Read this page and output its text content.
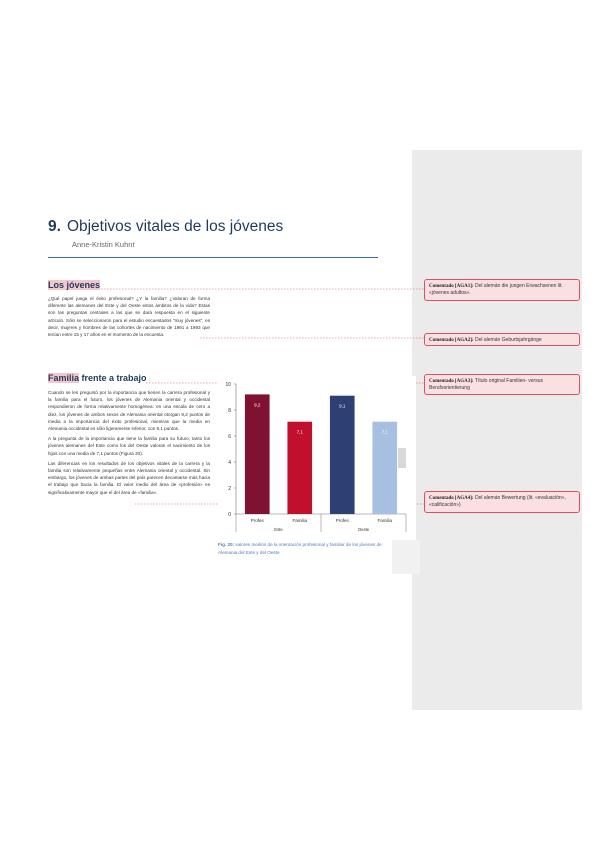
9. Objetivos vitales de los jóvenes
Anne-Kristin Kuhnt
Los jóvenes
¿Qué papel juega el éxito profesional? ¿Y la familia? ¿Valoran de forma diferente las alemanes del Este y del Oeste estos ámbitos de la vida? Estas son las preguntas centrales a las que se dará respuesta en el siguiente artículo. Sólo se seleccionaron para el estudio encuestados "muy jóvenes", es decir, mujeres y hombres de las cohortes de nacimiento de 1991 a 1993 que tenían entre 15 y 17 años en el momento de la encuesta.
Familia frente a trabajo

Cuando se les preguntó por la importancia que tienen la carrera profesional y la familia para el futuro, los jóvenes de Alemania oriental y occidental respondieron de forma relativamente homogénea: en una escala de cero a diez, los jóvenes de ambos sexos de Alemania oriental otorgan 9,2 puntos de media a la importancia del éxito profesional, mientras que la media en Alemania occidental es sólo ligeramente inferior, con 9,1 puntos.

A la pregunta de la importancia que tiene la familia para su futuro, tanto los jóvenes alemanes del Este como los del Oeste valoran el nacimiento de los hijos con una media de 7,1 puntos (Figura 20).

Las diferencias en los resultados de los objetivos vitales de la carrera y la familia son relativamente pequeñas entre Alemania oriental y occidental. Sin embargo, los jóvenes de ambas partes del país parecen decantarse más hacia el trabajo que hacia la familia. El valor medio del área de «profesión» es significativamente mayor que el del área de «familia».

0
2
4
6
8
10
9,2
Profes
7,1
Familia
9,1
Profes
7,1
Familia
Este	Oeste
Fig. 20: valores medios de la orientación profesional y familiar de los jóvenes de Alemania del Este y del Oeste
Comentado [AGA1]: Del alemán die jungen Erwachsenen lit. «jóvenes adultos».
Comentado [AGA2]: Del alemán Geburtsjahrgänge
Comentado [AGA3]: Título original Familien- versus Berufsorientierung
Comentado [AGA4]: Del alemán Bewertung (lit. «evaluación», «calificación»)
